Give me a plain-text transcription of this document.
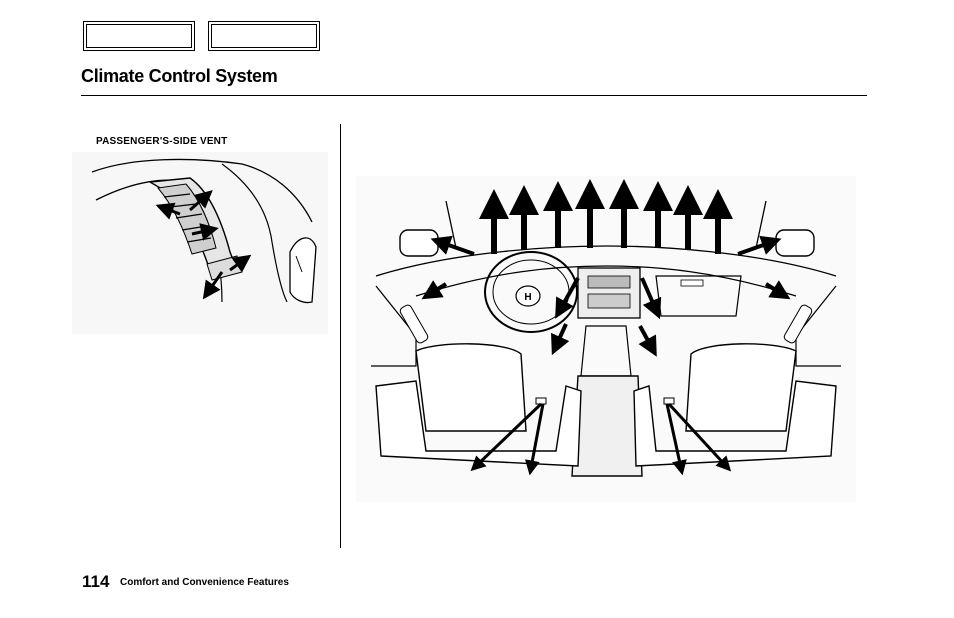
Climate Control System
PASSENGER'S-SIDE VENT
H
114 Comfort and Convenience Features
